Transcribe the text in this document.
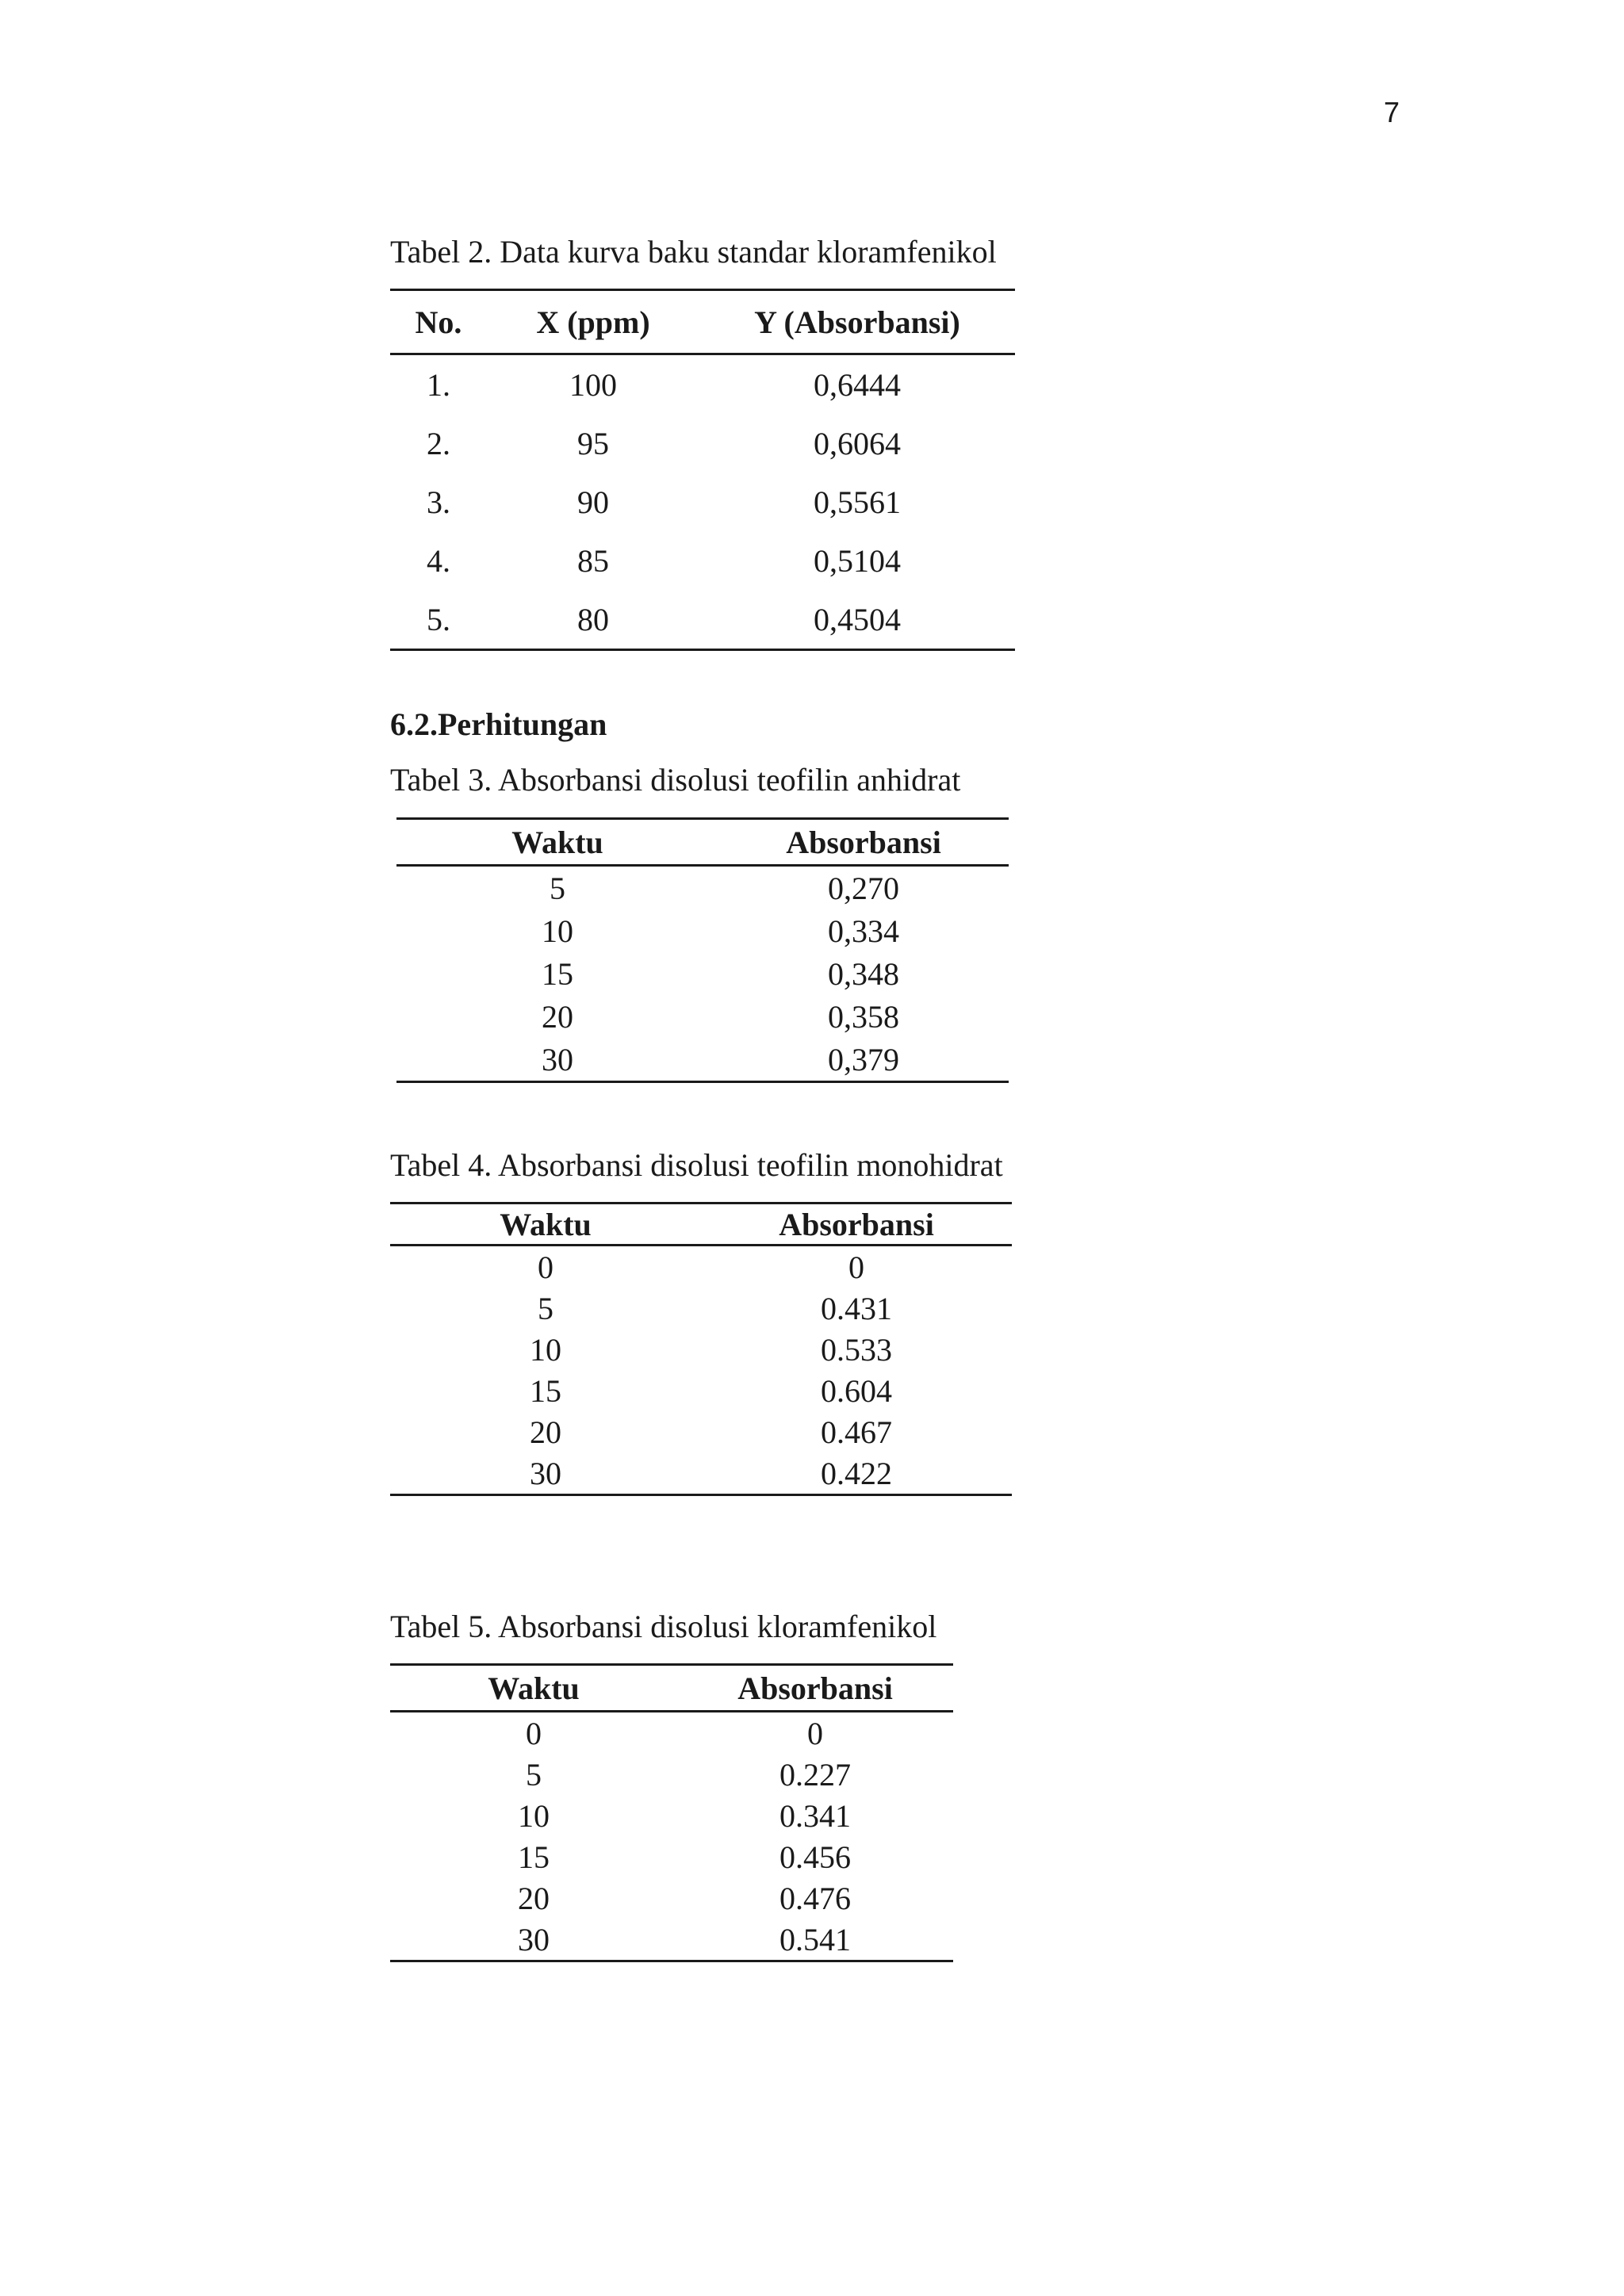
7
Tabel 2. Data kurva baku standar kloramfenikol
No.	X (ppm)	Y (Absorbansi)
1.	100	0,6444
2.	95	0,6064
3.	90	0,5561
4.	85	0,5104
5.	80	0,4504
6.2.Perhitungan
Tabel 3. Absorbansi disolusi teofilin anhidrat
Waktu	Absorbansi
5	0,270
10	0,334
15	0,348
20	0,358
30	0,379
Tabel 4. Absorbansi disolusi teofilin monohidrat
Waktu	Absorbansi
0	0
5	0.431
10	0.533
15	0.604
20	0.467
30	0.422
Tabel 5. Absorbansi disolusi kloramfenikol
Waktu	Absorbansi
0	0
5	0.227
10	0.341
15	0.456
20	0.476
30	0.541
